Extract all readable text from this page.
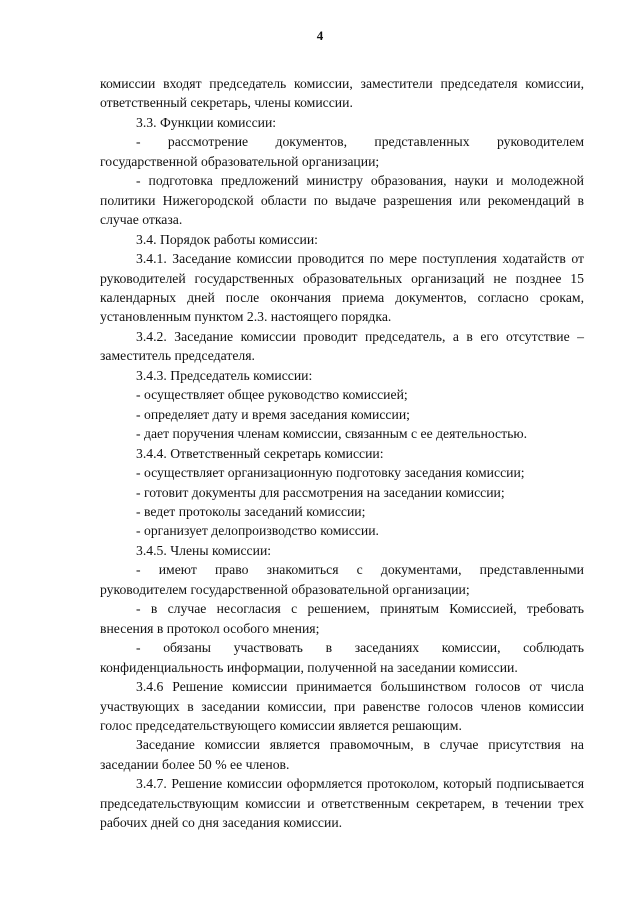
4

комиссии входят председатель комиссии, заместители председателя комиссии, ответственный секретарь, члены комиссии.

3.3. Функции комиссии:

- рассмотрение документов, представленных руководителем государственной образовательной организации;

- подготовка предложений министру образования, науки и молодежной политики Нижегородской области по выдаче разрешения или рекомендаций в случае отказа.

3.4. Порядок работы комиссии:

3.4.1. Заседание комиссии проводится по мере поступления ходатайств от руководителей государственных образовательных организаций не позднее 15 календарных дней после окончания приема документов, согласно срокам, установленным пунктом 2.3. настоящего порядка.

3.4.2. Заседание комиссии проводит председатель, а в его отсутствие – заместитель председателя.

3.4.3. Председатель комиссии:

- осуществляет общее руководство комиссией;

- определяет дату и время заседания комиссии;

- дает поручения членам комиссии, связанным с ее деятельностью.

3.4.4. Ответственный секретарь комиссии:

- осуществляет организационную подготовку заседания комиссии;

- готовит документы для рассмотрения на заседании комиссии;

- ведет протоколы заседаний комиссии;

- организует делопроизводство комиссии.

3.4.5. Члены комиссии:

- имеют право знакомиться с документами, представленными руководителем государственной образовательной организации;

- в случае несогласия с решением, принятым Комиссией, требовать внесения в протокол особого мнения;

- обязаны участвовать в заседаниях комиссии, соблюдать конфиденциальность информации, полученной на заседании комиссии.

3.4.6 Решение комиссии принимается большинством голосов от числа участвующих в заседании комиссии, при равенстве голосов членов комиссии голос председательствующего комиссии является решающим.

Заседание комиссии является правомочным, в случае присутствия на заседании более 50 % ее членов.

3.4.7. Решение комиссии оформляется протоколом, который подписывается председательствующим комиссии и ответственным секретарем, в течении трех рабочих дней со дня заседания комиссии.
